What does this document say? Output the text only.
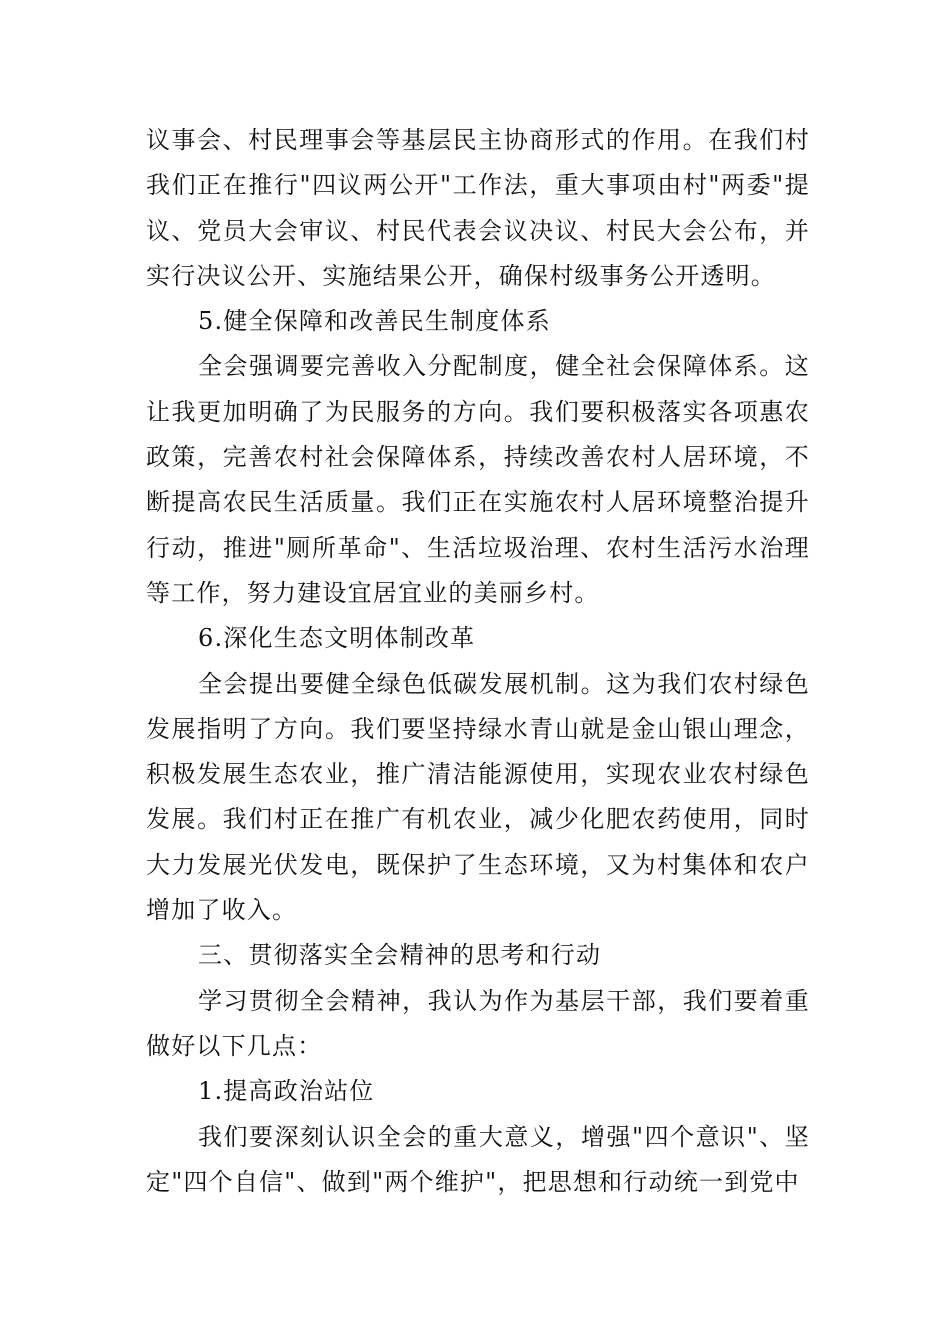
议事会、村民理事会等基层民主协商形式的作用。在我们村我们正在推行"四议两公开"工作法，重大事项由村"两委"提议、党员大会审议、村民代表会议决议、村民大会公布，并实行决议公开、实施结果公开，确保村级事务公开透明。

5.健全保障和改善民生制度体系

全会强调要完善收入分配制度，健全社会保障体系。这让我更加明确了为民服务的方向。我们要积极落实各项惠农政策，完善农村社会保障体系，持续改善农村人居环境，不断提高农民生活质量。我们正在实施农村人居环境整治提升行动，推进"厕所革命"、生活垃圾治理、农村生活污水治理等工作，努力建设宜居宜业的美丽乡村。

6.深化生态文明体制改革

全会提出要健全绿色低碳发展机制。这为我们农村绿色发展指明了方向。我们要坚持绿水青山就是金山银山理念，积极发展生态农业，推广清洁能源使用，实现农业农村绿色发展。我们村正在推广有机农业，减少化肥农药使用，同时大力发展光伏发电，既保护了生态环境，又为村集体和农户增加了收入。

三、贯彻落实全会精神的思考和行动

学习贯彻全会精神，我认为作为基层干部，我们要着重做好以下几点：

1.提高政治站位

我们要深刻认识全会的重大意义，增强"四个意识"、坚定"四个自信"、做到"两个维护"，把思想和行动统一到党中
